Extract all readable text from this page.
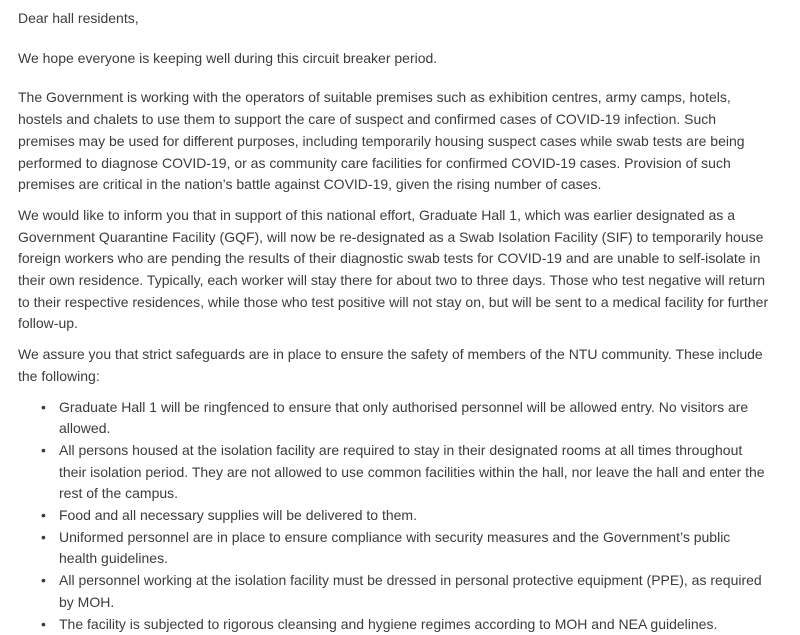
Dear hall residents,

We hope everyone is keeping well during this circuit breaker period.

The Government is working with the operators of suitable premises such as exhibition centres, army camps, hotels, hostels and chalets to use them to support the care of suspect and confirmed cases of COVID-19 infection. Such premises may be used for different purposes, including temporarily housing suspect cases while swab tests are being performed to diagnose COVID-19, or as community care facilities for confirmed COVID-19 cases. Provision of such premises are critical in the nation’s battle against COVID-19, given the rising number of cases.

We would like to inform you that in support of this national effort, Graduate Hall 1, which was earlier designated as a Government Quarantine Facility (GQF), will now be re-designated as a Swab Isolation Facility (SIF) to temporarily house foreign workers who are pending the results of their diagnostic swab tests for COVID-19 and are unable to self-isolate in their own residence. Typically, each worker will stay there for about two to three days. Those who test negative will return to their respective residences, while those who test positive will not stay on, but will be sent to a medical facility for further follow-up.

We assure you that strict safeguards are in place to ensure the safety of members of the NTU community. These include the following:

• Graduate Hall 1 will be ringfenced to ensure that only authorised personnel will be allowed entry. No visitors are allowed.
• All persons housed at the isolation facility are required to stay in their designated rooms at all times throughout their isolation period. They are not allowed to use common facilities within the hall, nor leave the hall and enter the rest of the campus.
• Food and all necessary supplies will be delivered to them.
• Uniformed personnel are in place to ensure compliance with security measures and the Government’s public health guidelines.
• All personnel working at the isolation facility must be dressed in personal protective equipment (PPE), as required by MOH.
• The facility is subjected to rigorous cleansing and hygiene regimes according to MOH and NEA guidelines.
